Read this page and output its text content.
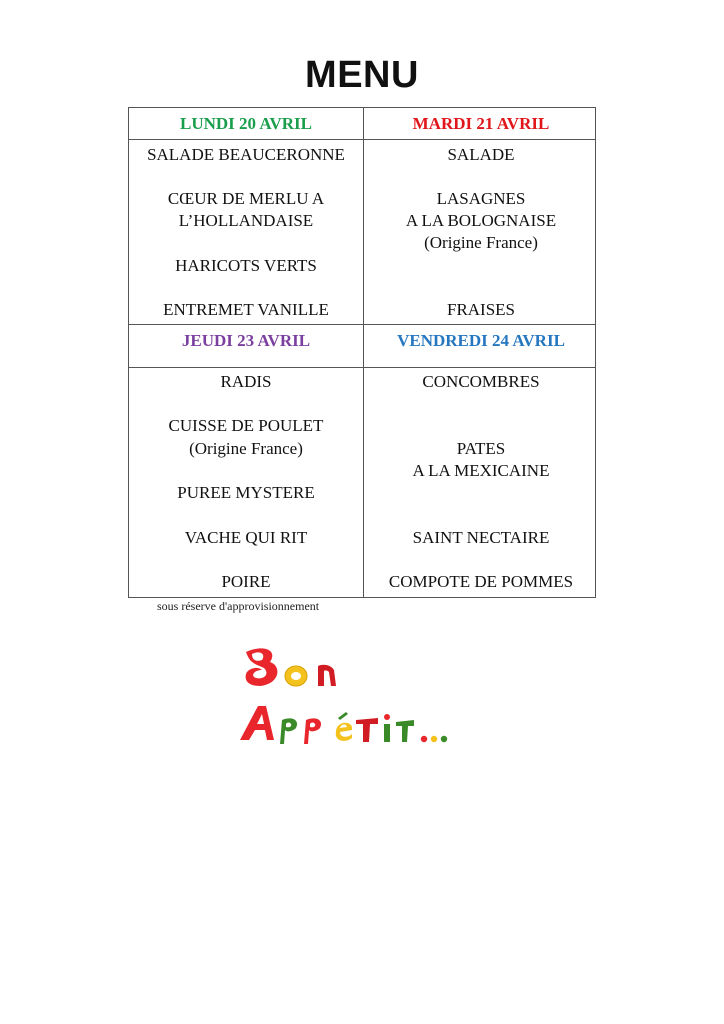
MENU
LUNDI 20 AVRIL
SALADE BEAUCERONNE
CŒUR DE MERLU A
L’HOLLANDAISE
HARICOTS VERTS
ENTREMET VANILLE
MARDI 21 AVRIL
SALADE
LASAGNES
A LA BOLOGNAISE
(Origine France)
FRAISES
JEUDI 23 AVRIL
RADIS
CUISSE DE POULET
(Origine France)
PUREE MYSTERE
VACHE QUI RIT
POIRE
VENDREDI 24 AVRIL
CONCOMBRES
PATES
A LA MEXICAINE
SAINT NECTAIRE
COMPOTE DE POMMES
sous réserve d'approvisionnement
